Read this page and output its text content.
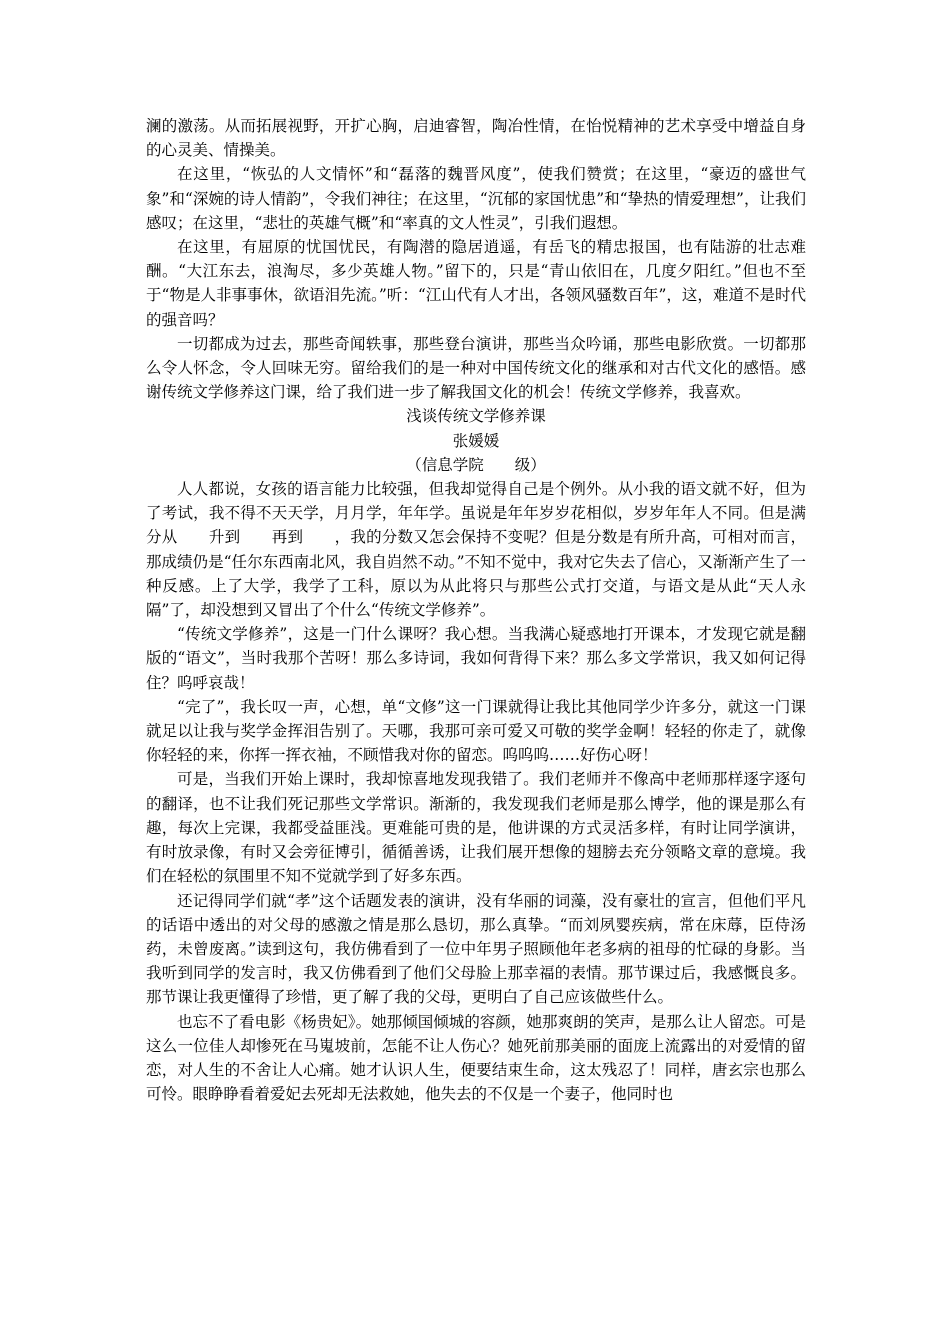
澜的激荡。从而拓展视野，开扩心胸，启迪睿智，陶冶性情，在怡悦精神的艺术享受中增益自身的心灵美、情操美。

在这里，“恢弘的人文情怀”和“磊落的魏晋风度”，使我们赞赏；在这里，“豪迈的盛世气象”和“深婉的诗人情韵”，令我们神往；在这里，“沉郁的家国忧患”和“挚热的情爱理想”，让我们感叹；在这里，“悲壮的英雄气概”和“率真的文人性灵”，引我们遐想。

在这里，有屈原的忧国忧民，有陶潜的隐居逍遥，有岳飞的精忠报国，也有陆游的壮志难酬。“大江东去，浪淘尽，多少英雄人物。”留下的，只是“青山依旧在，几度夕阳红。”但也不至于“物是人非事事休，欲语泪先流。”听：“江山代有人才出，各领风骚数百年”，这，难道不是时代的强音吗？

一切都成为过去，那些奇闻轶事，那些登台演讲，那些当众吟诵，那些电影欣赏。一切都那么令人怀念，令人回味无穷。留给我们的是一种对中国传统文化的继承和对古代文化的感悟。感谢传统文学修养这门课，给了我们进一步了解我国文化的机会！传统文学修养，我喜欢。

浅谈传统文学修养课

张媛媛

（信息学院　　级）

人人都说，女孩的语言能力比较强，但我却觉得自己是个例外。从小我的语文就不好，但为了考试，我不得不天天学，月月学，年年学。虽说是年年岁岁花相似，岁岁年年人不同。但是满分从　　升到　　再到　　，我的分数又怎会保持不变呢？但是分数是有所升高，可相对而言，那成绩仍是“任尔东西南北风，我自岿然不动。”不知不觉中，我对它失去了信心，又渐渐产生了一种反感。上了大学，我学了工科，原以为从此将只与那些公式打交道，与语文是从此“天人永隔”了，却没想到又冒出了个什么“传统文学修养”。

“传统文学修养”，这是一门什么课呀？我心想。当我满心疑惑地打开课本，才发现它就是翻版的“语文”，当时我那个苦呀！那么多诗词，我如何背得下来？那么多文学常识，我又如何记得住？呜呼哀哉！

“完了”，我长叹一声，心想，单“文修”这一门课就得让我比其他同学少许多分，就这一门课就足以让我与奖学金挥泪告别了。天哪，我那可亲可爱又可敬的奖学金啊！轻轻的你走了，就像你轻轻的来，你挥一挥衣袖，不顾惜我对你的留恋。呜呜呜……好伤心呀！

可是，当我们开始上课时，我却惊喜地发现我错了。我们老师并不像高中老师那样逐字逐句的翻译，也不让我们死记那些文学常识。渐渐的，我发现我们老师是那么博学，他的课是那么有趣，每次上完课，我都受益匪浅。更难能可贵的是，他讲课的方式灵活多样，有时让同学演讲，有时放录像，有时又会旁征博引，循循善诱，让我们展开想像的翅膀去充分领略文章的意境。我们在轻松的氛围里不知不觉就学到了好多东西。

还记得同学们就“孝”这个话题发表的演讲，没有华丽的词藻，没有豪壮的宣言，但他们平凡的话语中透出的对父母的感激之情是那么恳切，那么真挚。“而刘夙婴疾病，常在床蓐，臣侍汤药，未曾废离。”读到这句，我仿佛看到了一位中年男子照顾他年老多病的祖母的忙碌的身影。当我听到同学的发言时，我又仿佛看到了他们父母脸上那幸福的表情。那节课过后，我感慨良多。那节课让我更懂得了珍惜，更了解了我的父母，更明白了自己应该做些什么。

也忘不了看电影《杨贵妃》。她那倾国倾城的容颜，她那爽朗的笑声，是那么让人留恋。可是这么一位佳人却惨死在马嵬坡前，怎能不让人伤心？她死前那美丽的面庞上流露出的对爱情的留恋，对人生的不舍让人心痛。她才认识人生，便要结束生命，这太残忍了！同样，唐玄宗也那么可怜。眼睁睁看着爱妃去死却无法救她，他失去的不仅是一个妻子，他同时也
